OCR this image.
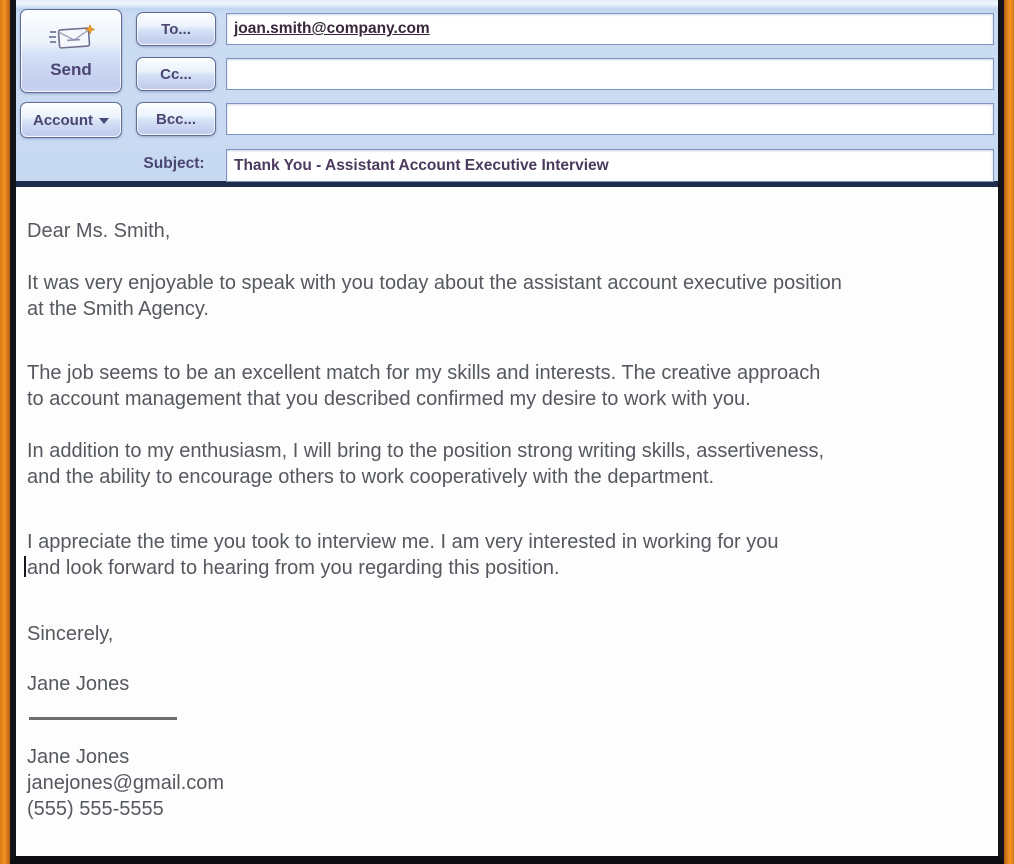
Send
Account
To...
Cc...
Bcc...
joan.smith@company.com
Subject:	Thank You - Assistant Account Executive Interview

Dear Ms. Smith,

It was very enjoyable to speak with you today about the assistant account executive position
at the Smith Agency.

The job seems to be an excellent match for my skills and interests. The creative approach
to account management that you described confirmed my desire to work with you.

In addition to my enthusiasm, I will bring to the position strong writing skills, assertiveness,
and the ability to encourage others to work cooperatively with the department.

I appreciate the time you took to interview me. I am very interested in working for you
and look forward to hearing from you regarding this position.

Sincerely,

Jane Jones

Jane Jones
janejones@gmail.com
(555) 555-5555
